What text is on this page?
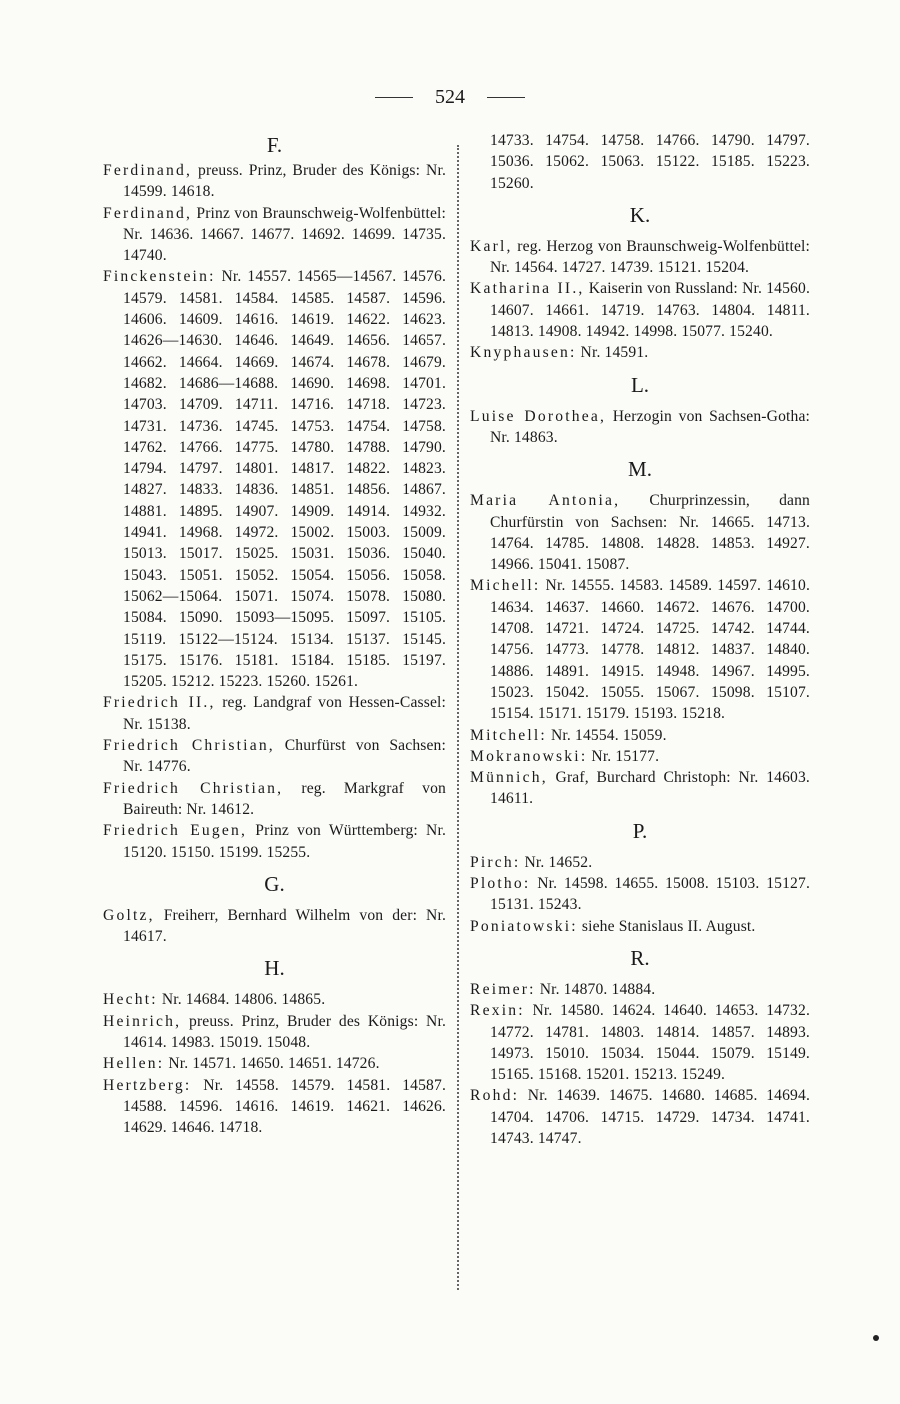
524
F.

Ferdinand, preuss. Prinz, Bruder des Königs: Nr. 14599. 14618.

Ferdinand, Prinz von Braunschweig-Wolfenbüttel: Nr. 14636. 14667. 14677. 14692. 14699. 14735. 14740.

Finckenstein: Nr. 14557. 14565—14567. 14576. 14579. 14581. 14584. 14585. 14587. 14596. 14606. 14609. 14616. 14619. 14622. 14623. 14626—14630. 14646. 14649. 14656. 14657. 14662. 14664. 14669. 14674. 14678. 14679. 14682. 14686—14688. 14690. 14698. 14701. 14703. 14709. 14711. 14716. 14718. 14723. 14731. 14736. 14745. 14753. 14754. 14758. 14762. 14766. 14775. 14780. 14788. 14790. 14794. 14797. 14801. 14817. 14822. 14823. 14827. 14833. 14836. 14851. 14856. 14867. 14881. 14895. 14907. 14909. 14914. 14932. 14941. 14968. 14972. 15002. 15003. 15009. 15013. 15017. 15025. 15031. 15036. 15040. 15043. 15051. 15052. 15054. 15056. 15058. 15062—15064. 15071. 15074. 15078. 15080. 15084. 15090. 15093—15095. 15097. 15105. 15119. 15122—15124. 15134. 15137. 15145. 15175. 15176. 15181. 15184. 15185. 15197. 15205. 15212. 15223. 15260. 15261.

Friedrich II., reg. Landgraf von Hessen-Cassel: Nr. 15138.

Friedrich Christian, Churfürst von Sachsen: Nr. 14776.

Friedrich Christian, reg. Markgraf von Baireuth: Nr. 14612.

Friedrich Eugen, Prinz von Württemberg: Nr. 15120. 15150. 15199. 15255.

G.

Goltz, Freiherr, Bernhard Wilhelm von der: Nr. 14617.

H.

Hecht: Nr. 14684. 14806. 14865.

Heinrich, preuss. Prinz, Bruder des Königs: Nr. 14614. 14983. 15019. 15048.

Hellen: Nr. 14571. 14650. 14651. 14726.

Hertzberg: Nr. 14558. 14579. 14581. 14587. 14588. 14596. 14616. 14619. 14621. 14626. 14629. 14646. 14718.

14733. 14754. 14758. 14766. 14790. 14797. 15036. 15062. 15063. 15122. 15185. 15223. 15260.

K.

Karl, reg. Herzog von Braunschweig-Wolfenbüttel: Nr. 14564. 14727. 14739. 15121. 15204.

Katharina II., Kaiserin von Russland: Nr. 14560. 14607. 14661. 14719. 14763. 14804. 14811. 14813. 14908. 14942. 14998. 15077. 15240.

Knyphausen: Nr. 14591.

L.

Luise Dorothea, Herzogin von Sachsen-Gotha: Nr. 14863.

M.

Maria Antonia, Churprinzessin, dann Churfürstin von Sachsen: Nr. 14665. 14713. 14764. 14785. 14808. 14828. 14853. 14927. 14966. 15041. 15087.

Michell: Nr. 14555. 14583. 14589. 14597. 14610. 14634. 14637. 14660. 14672. 14676. 14700. 14708. 14721. 14724. 14725. 14742. 14744. 14756. 14773. 14778. 14812. 14837. 14840. 14886. 14891. 14915. 14948. 14967. 14995. 15023. 15042. 15055. 15067. 15098. 15107. 15154. 15171. 15179. 15193. 15218.

Mitchell: Nr. 14554. 15059.

Mokranowski: Nr. 15177.

Münnich, Graf, Burchard Christoph: Nr. 14603. 14611.

P.

Pirch: Nr. 14652.

Plotho: Nr. 14598. 14655. 15008. 15103. 15127. 15131. 15243.

Poniatowski: siehe Stanislaus II. August.

R.

Reimer: Nr. 14870. 14884.

Rexin: Nr. 14580. 14624. 14640. 14653. 14732. 14772. 14781. 14803. 14814. 14857. 14893. 14973. 15010. 15034. 15044. 15079. 15149. 15165. 15168. 15201. 15213. 15249.

Rohd: Nr. 14639. 14675. 14680. 14685. 14694. 14704. 14706. 14715. 14729. 14734. 14741. 14743. 14747.
